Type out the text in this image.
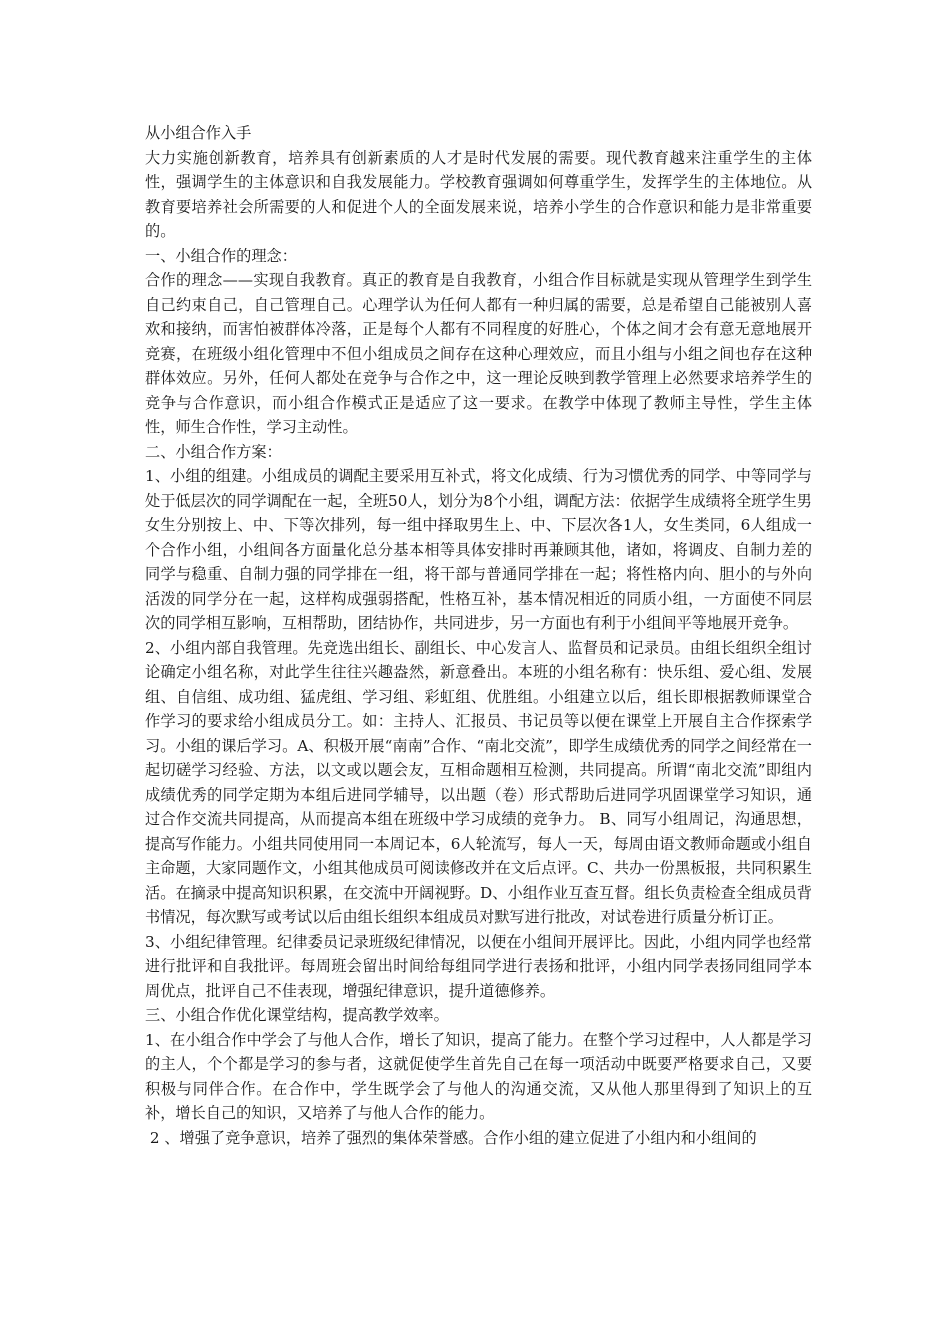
从小组合作入手

大力实施创新教育，培养具有创新素质的人才是时代发展的需要。现代教育越来注重学生的主体性，强调学生的主体意识和自我发展能力。学校教育强调如何尊重学生，发挥学生的主体地位。从教育要培养社会所需要的人和促进个人的全面发展来说，培养小学生的合作意识和能力是非常重要的。

一、小组合作的理念：

合作的理念——实现自我教育。真正的教育是自我教育，小组合作目标就是实现从管理学生到学生自己约束自己，自己管理自己。心理学认为任何人都有一种归属的需要，总是希望自己能被别人喜欢和接纳，而害怕被群体冷落，正是每个人都有不同程度的好胜心，个体之间才会有意无意地展开竞赛，在班级小组化管理中不但小组成员之间存在这种心理效应，而且小组与小组之间也存在这种群体效应。另外，任何人都处在竞争与合作之中，这一理论反映到教学管理上必然要求培养学生的竞争与合作意识，而小组合作模式正是适应了这一要求。在教学中体现了教师主导性，学生主体性，师生合作性，学习主动性。

二、小组合作方案：

1、小组的组建。小组成员的调配主要采用互补式，将文化成绩、行为习惯优秀的同学、中等同学与处于低层次的同学调配在一起，全班50人，划分为8个小组，调配方法：依据学生成绩将全班学生男女生分别按上、中、下等次排列，每一组中择取男生上、中、下层次各1人，女生类同，6人组成一个合作小组，小组间各方面量化总分基本相等具体安排时再兼顾其他，诸如，将调皮、自制力差的同学与稳重、自制力强的同学排在一组，将干部与普通同学排在一起；将性格内向、胆小的与外向活泼的同学分在一起，这样构成强弱搭配，性格互补，基本情况相近的同质小组，一方面使不同层次的同学相互影响，互相帮助，团结协作，共同进步，另一方面也有利于小组间平等地展开竞争。

2、小组内部自我管理。先竞选出组长、副组长、中心发言人、监督员和记录员。由组长组织全组讨论确定小组名称，对此学生往往兴趣盎然，新意叠出。本班的小组名称有：快乐组、爱心组、发展组、自信组、成功组、猛虎组、学习组、彩虹组、优胜组。小组建立以后，组长即根据教师课堂合作学习的要求给小组成员分工。如：主持人、汇报员、书记员等以便在课堂上开展自主合作探索学习。小组的课后学习。A、积极开展“南南”合作、“南北交流”，即学生成绩优秀的同学之间经常在一起切磋学习经验、方法，以文或以题会友，互相命题相互检测，共同提高。所谓“南北交流”即组内成绩优秀的同学定期为本组后进同学辅导，以出题（卷）形式帮助后进同学巩固课堂学习知识，通过合作交流共同提高，从而提高本组在班级中学习成绩的竞争力。 B、同写小组周记，沟通思想，提高写作能力。小组共同使用同一本周记本，6人轮流写，每人一天，每周由语文教师命题或小组自主命题，大家同题作文，小组其他成员可阅读修改并在文后点评。C、共办一份黑板报，共同积累生活。在摘录中提高知识积累，在交流中开阔视野。D、小组作业互查互督。组长负责检查全组成员背书情况，每次默写或考试以后由组长组织本组成员对默写进行批改，对试卷进行质量分析订正。

3、小组纪律管理。纪律委员记录班级纪律情况，以便在小组间开展评比。因此，小组内同学也经常进行批评和自我批评。每周班会留出时间给每组同学进行表扬和批评，小组内同学表扬同组同学本周优点，批评自己不佳表现，增强纪律意识，提升道德修养。

三、小组合作优化课堂结构，提高教学效率。

1、在小组合作中学会了与他人合作，增长了知识，提高了能力。在整个学习过程中，人人都是学习的主人，个个都是学习的参与者，这就促使学生首先自己在每一项活动中既要严格要求自己，又要积极与同伴合作。在合作中，学生既学会了与他人的沟通交流，又从他人那里得到了知识上的互补，增长自己的知识，又培养了与他人合作的能力。

2 、增强了竞争意识，培养了强烈的集体荣誉感。合作小组的建立促进了小组内和小组间的
